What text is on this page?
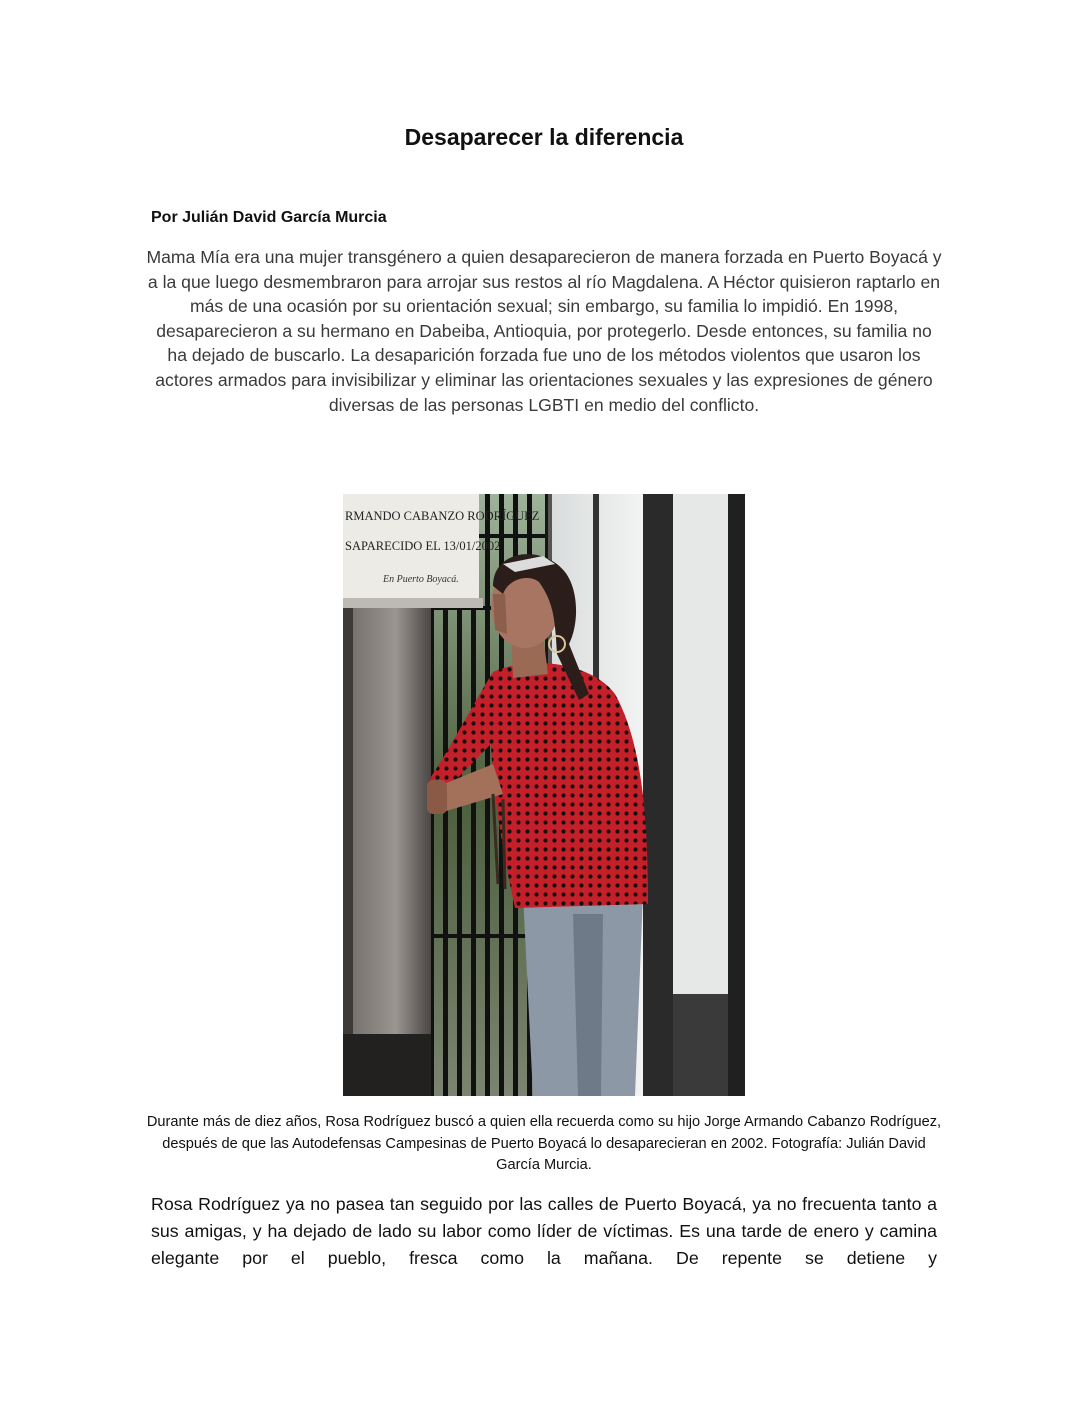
Desaparecer la diferencia

Por Julián David García Murcia

Mama Mía era una mujer transgénero a quien desaparecieron de manera forzada en Puerto Boyacá y a la que luego desmembraron para arrojar sus restos al río Magdalena. A Héctor quisieron raptarlo en más de una ocasión por su orientación sexual; sin embargo, su familia lo impidió. En 1998, desaparecieron a su hermano en Dabeiba, Antioquia, por protegerlo. Desde entonces, su familia no ha dejado de buscarlo. La desaparición forzada fue uno de los métodos violentos que usaron los actores armados para invisibilizar y eliminar las orientaciones sexuales y las expresiones de género diversas de las personas LGBTI en medio del conflicto.

RMANDO CABANZO RODRÍGUEZ
SAPARECIDO EL 13/01/2002
En Puerto Boyacá.

Durante más de diez años, Rosa Rodríguez buscó a quien ella recuerda como su hijo Jorge Armando Cabanzo Rodríguez, después de que las Autodefensas Campesinas de Puerto Boyacá lo desaparecieran en 2002. Fotografía: Julián David García Murcia.

Rosa Rodríguez ya no pasea tan seguido por las calles de Puerto Boyacá, ya no frecuenta tanto a sus amigas, y ha dejado de lado su labor como líder de víctimas. Es una tarde de enero y camina elegante por el pueblo, fresca como la mañana. De repente se detiene y
